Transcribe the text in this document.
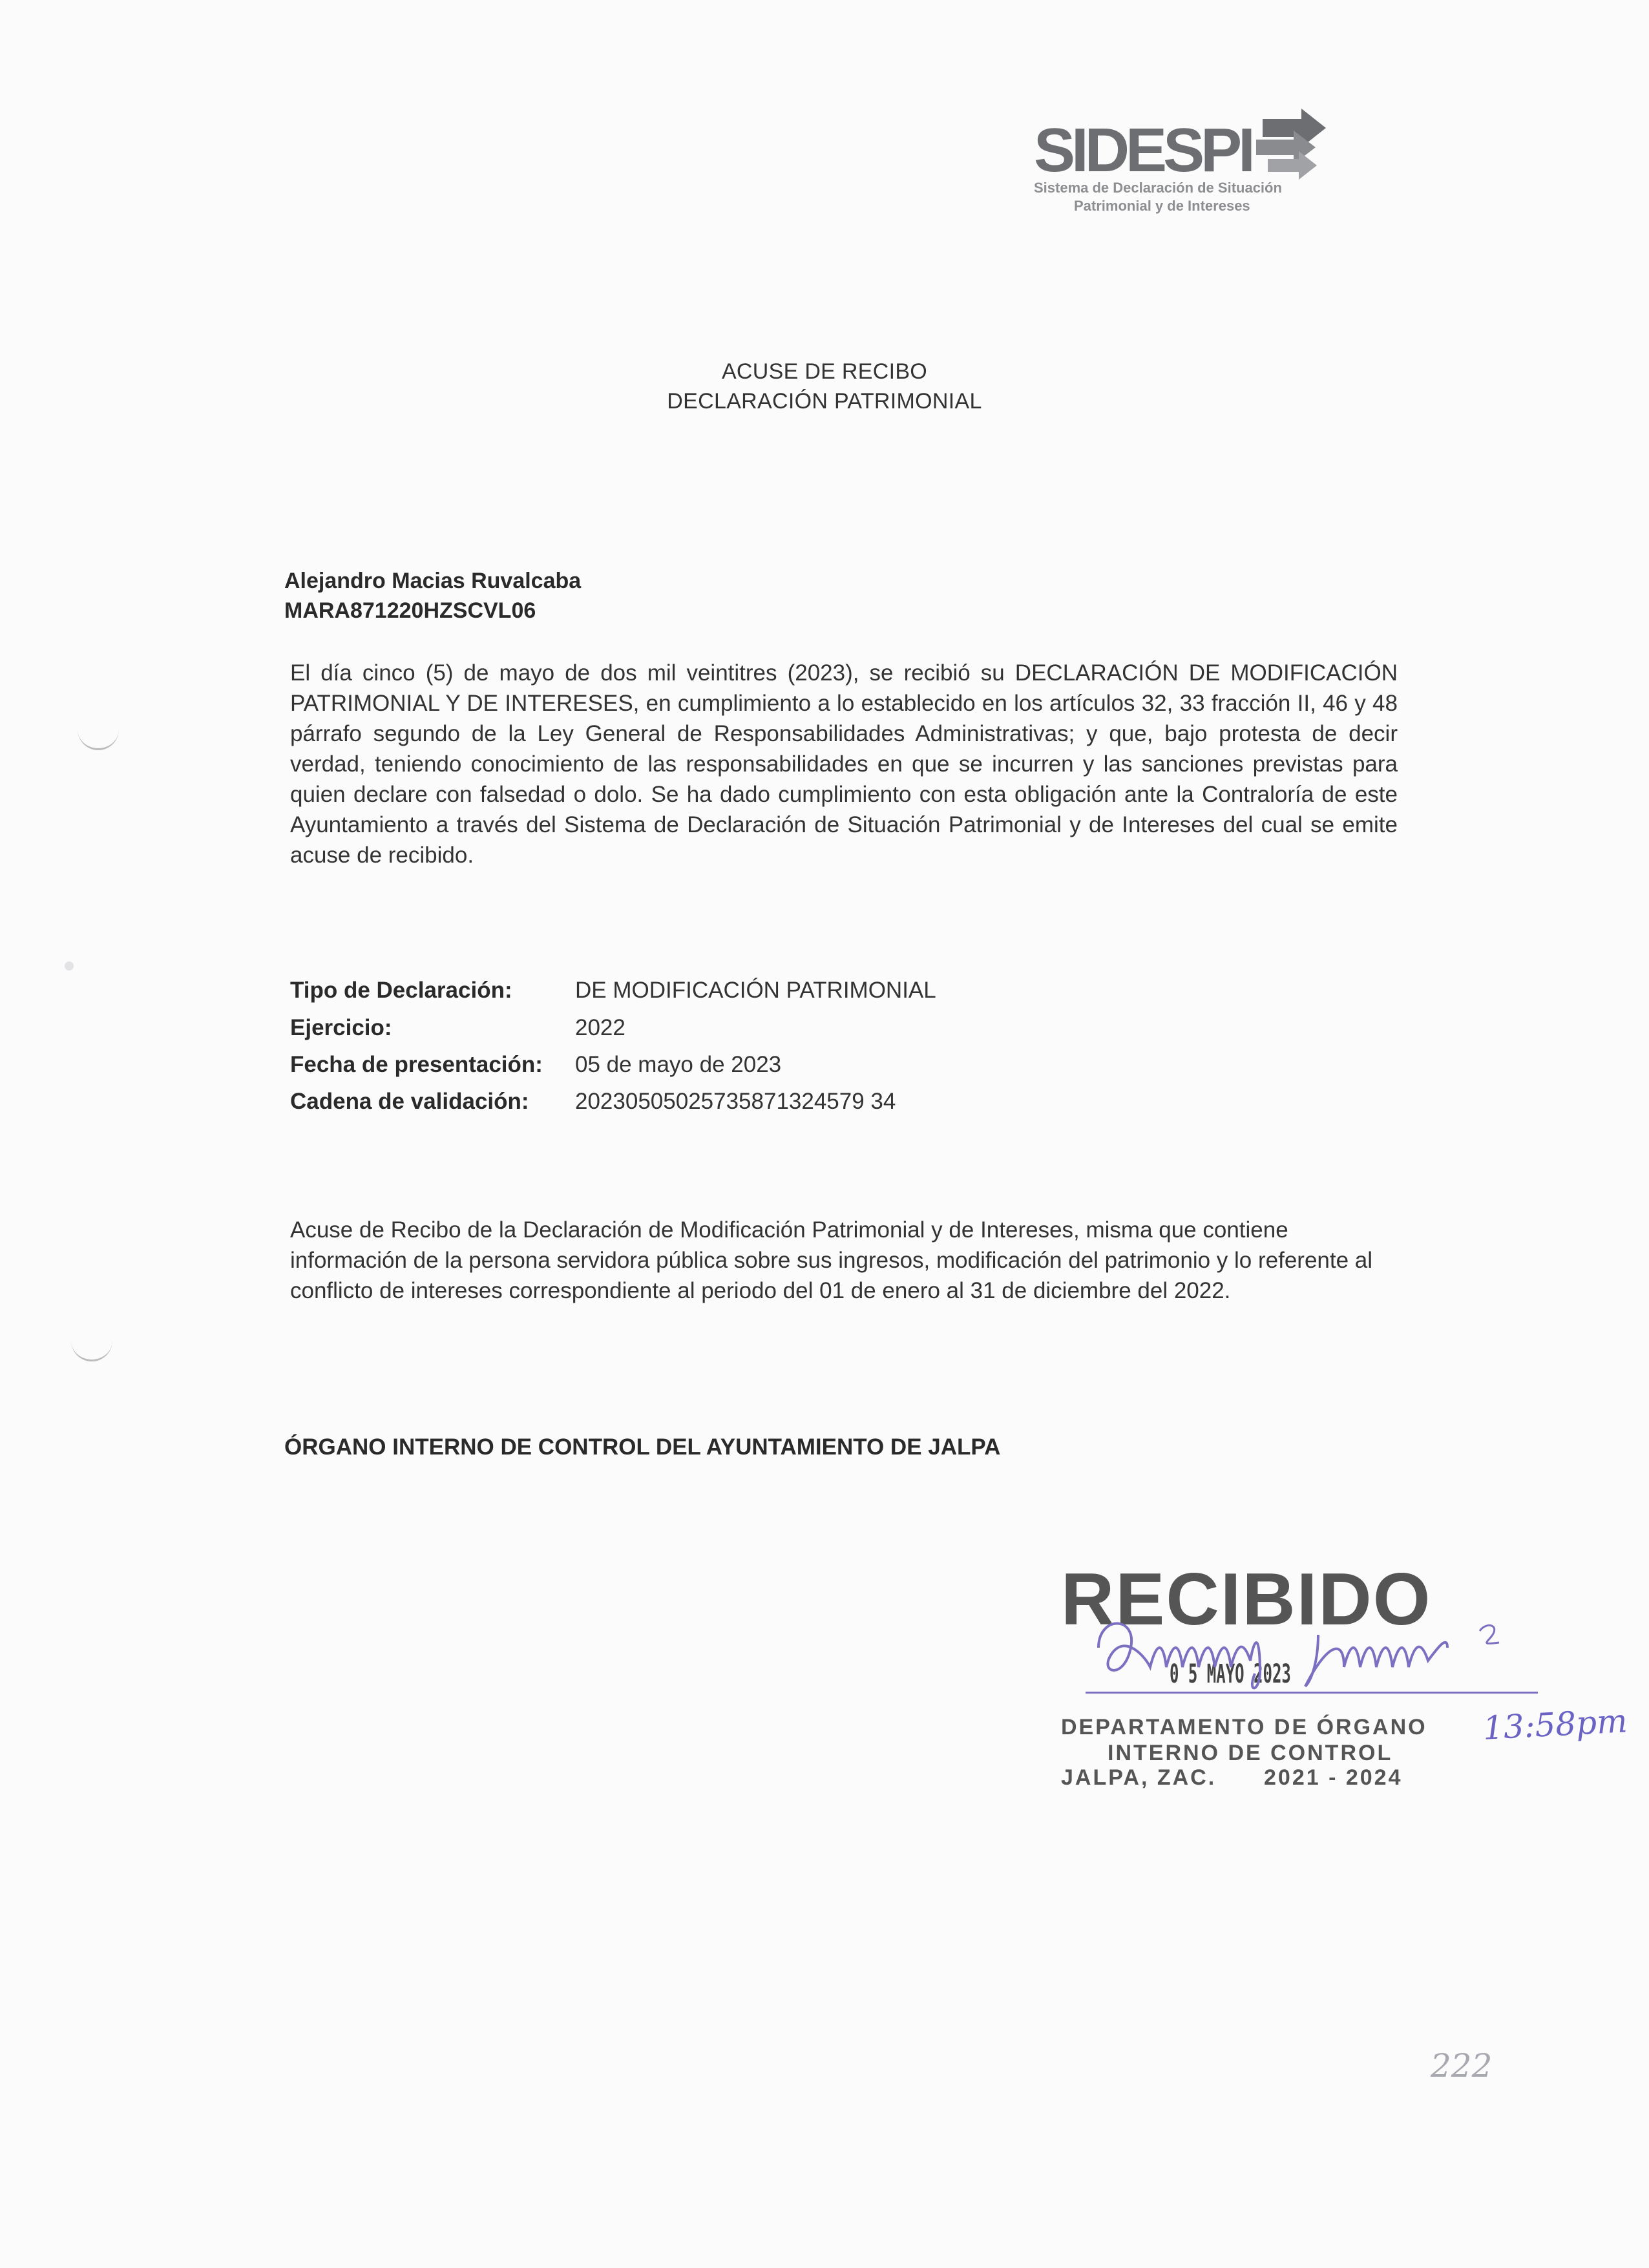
SIDESPI
Sistema de Declaración de Situación
Patrimonial y de Intereses
ACUSE DE RECIBO
DECLARACIÓN PATRIMONIAL
Alejandro Macias Ruvalcaba
MARA871220HZSCVL06
El día cinco (5) de mayo de dos mil veintitres (2023), se recibió su DECLARACIÓN DE MODIFICACIÓN PATRIMONIAL Y DE INTERESES, en cumplimiento a lo establecido en los artículos 32, 33 fracción II, 46 y 48 párrafo segundo de la Ley General de Responsabilidades Administrativas; y que, bajo protesta de decir verdad, teniendo conocimiento de las responsabilidades en que se incurren y las sanciones previstas para quien declare con falsedad o dolo. Se ha dado cumplimiento con esta obligación ante la Contraloría de este Ayuntamiento a través del Sistema de Declaración de Situación Patrimonial y de Intereses del cual se emite acuse de recibido.
Tipo de Declaración:	DE MODIFICACIÓN PATRIMONIAL
Ejercicio:	2022
Fecha de presentación: 05 de mayo de 2023
Cadena de validación: 20230505025735871324579 34
Acuse de Recibo de la Declaración de Modificación Patrimonial y de Intereses, misma que contiene información de la persona servidora pública sobre sus ingresos, modificación del patrimonio y lo referente al conflicto de intereses correspondiente al periodo del 01 de enero al 31 de diciembre del 2022.
ÓRGANO INTERNO DE CONTROL DEL AYUNTAMIENTO DE JALPA
RECIBIDO
0 5 MAYO 2023
DEPARTAMENTO DE ÓRGANO
INTERNO DE CONTROL
JALPA, ZAC. 2021 - 2024
13:58pm
222
